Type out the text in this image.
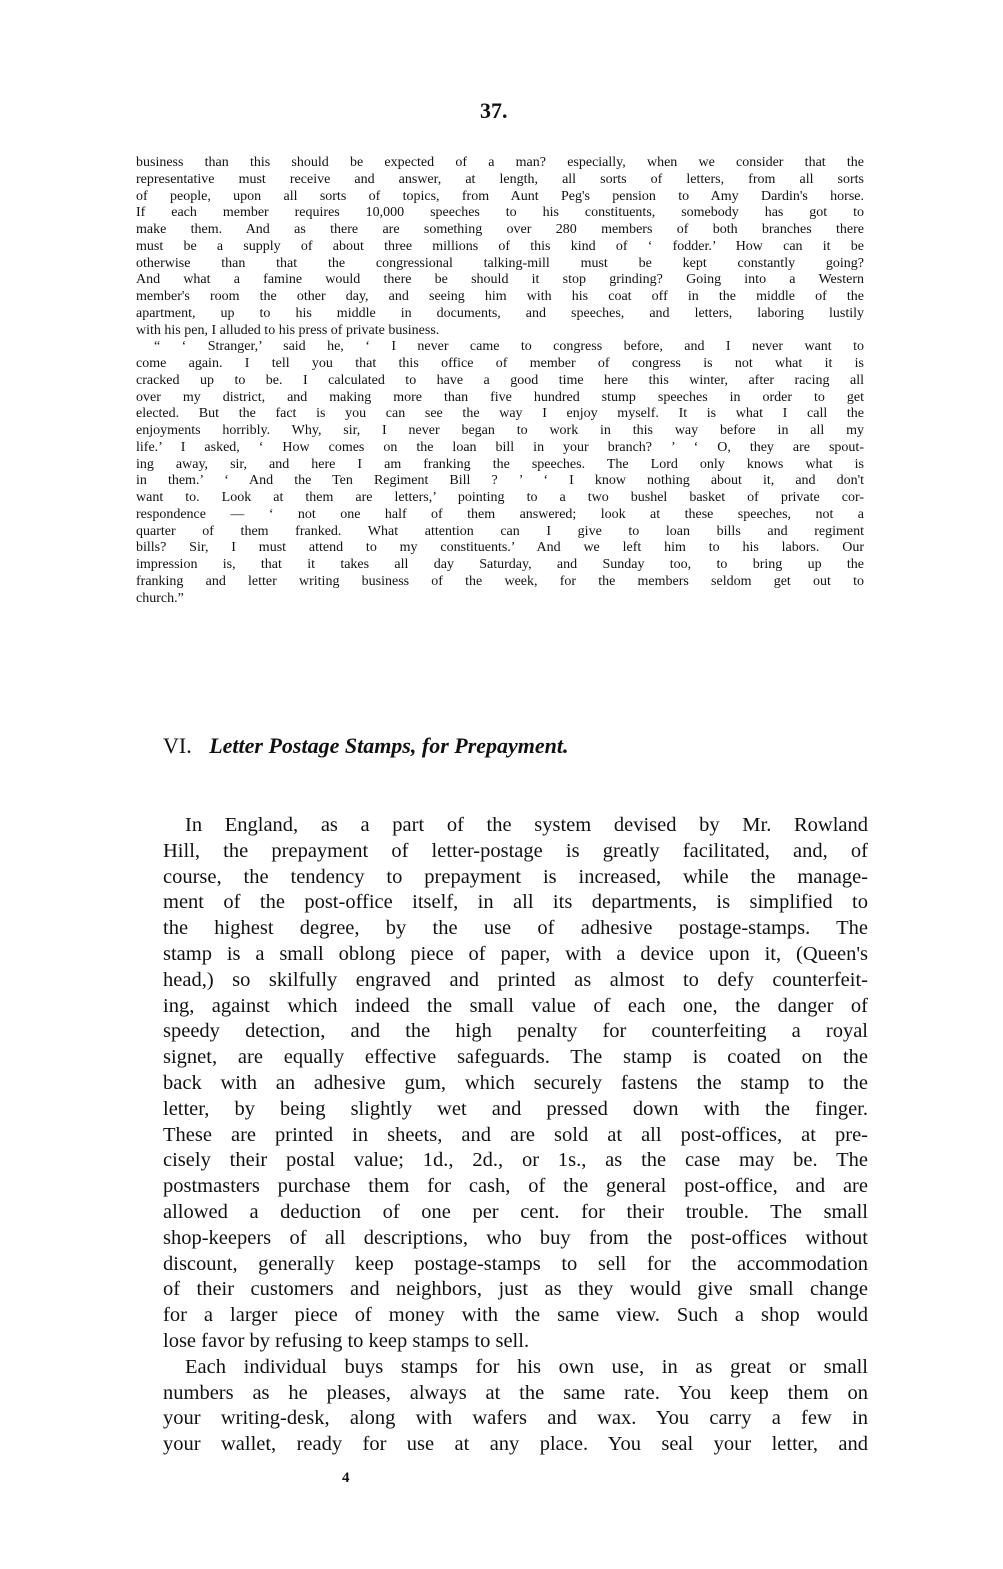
37.
business than this should be expected of a man? especially, when we consider that the
representative must receive and answer, at length, all sorts of letters, from all sorts
of people, upon all sorts of topics, from Aunt Peg's pension to Amy Dardin's horse.
If each member requires 10,000 speeches to his constituents, somebody has got to
make them. And as there are something over 280 members of both branches there
must be a supply of about three millions of this kind of ‘ fodder.’ How can it be
otherwise than that the congressional talking-mill must be kept constantly going?
And what a famine would there be should it stop grinding? Going into a Western
member's room the other day, and seeing him with his coat off in the middle of the
apartment, up to his middle in documents, and speeches, and letters, laboring lustily
with his pen, I alluded to his press of private business.
“ ‘ Stranger,’ said he, ‘ I never came to congress before, and I never want to
come again. I tell you that this office of member of congress is not what it is
cracked up to be. I calculated to have a good time here this winter, after racing all
over my district, and making more than five hundred stump speeches in order to get
elected. But the fact is you can see the way I enjoy myself. It is what I call the
enjoyments horribly. Why, sir, I never began to work in this way before in all my
life.’ I asked, ‘ How comes on the loan bill in your branch? ’ ‘ O, they are spout-
ing away, sir, and here I am franking the speeches. The Lord only knows what is
in them.’ ‘ And the Ten Regiment Bill ? ’ ‘ I know nothing about it, and don't
want to. Look at them are letters,’ pointing to a two bushel basket of private cor-
respondence — ‘ not one half of them answered; look at these speeches, not a
quarter of them franked. What attention can I give to loan bills and regiment
bills? Sir, I must attend to my constituents.’ And we left him to his labors. Our
impression is, that it takes all day Saturday, and Sunday too, to bring up the
franking and letter writing business of the week, for the members seldom get out to
church.”
VI. Letter Postage Stamps, for Prepayment.
In England, as a part of the system devised by Mr. Rowland
Hill, the prepayment of letter-postage is greatly facilitated, and, of
course, the tendency to prepayment is increased, while the manage-
ment of the post-office itself, in all its departments, is simplified to
the highest degree, by the use of adhesive postage-stamps. The
stamp is a small oblong piece of paper, with a device upon it, (Queen's
head,) so skilfully engraved and printed as almost to defy counterfeit-
ing, against which indeed the small value of each one, the danger of
speedy detection, and the high penalty for counterfeiting a royal
signet, are equally effective safeguards. The stamp is coated on the
back with an adhesive gum, which securely fastens the stamp to the
letter, by being slightly wet and pressed down with the finger.
These are printed in sheets, and are sold at all post-offices, at pre-
cisely their postal value; 1d., 2d., or 1s., as the case may be. The
postmasters purchase them for cash, of the general post-office, and are
allowed a deduction of one per cent. for their trouble. The small
shop-keepers of all descriptions, who buy from the post-offices without
discount, generally keep postage-stamps to sell for the accommodation
of their customers and neighbors, just as they would give small change
for a larger piece of money with the same view. Such a shop would
lose favor by refusing to keep stamps to sell.
Each individual buys stamps for his own use, in as great or small
numbers as he pleases, always at the same rate. You keep them on
your writing-desk, along with wafers and wax. You carry a few in
your wallet, ready for use at any place. You seal your letter, and
4
